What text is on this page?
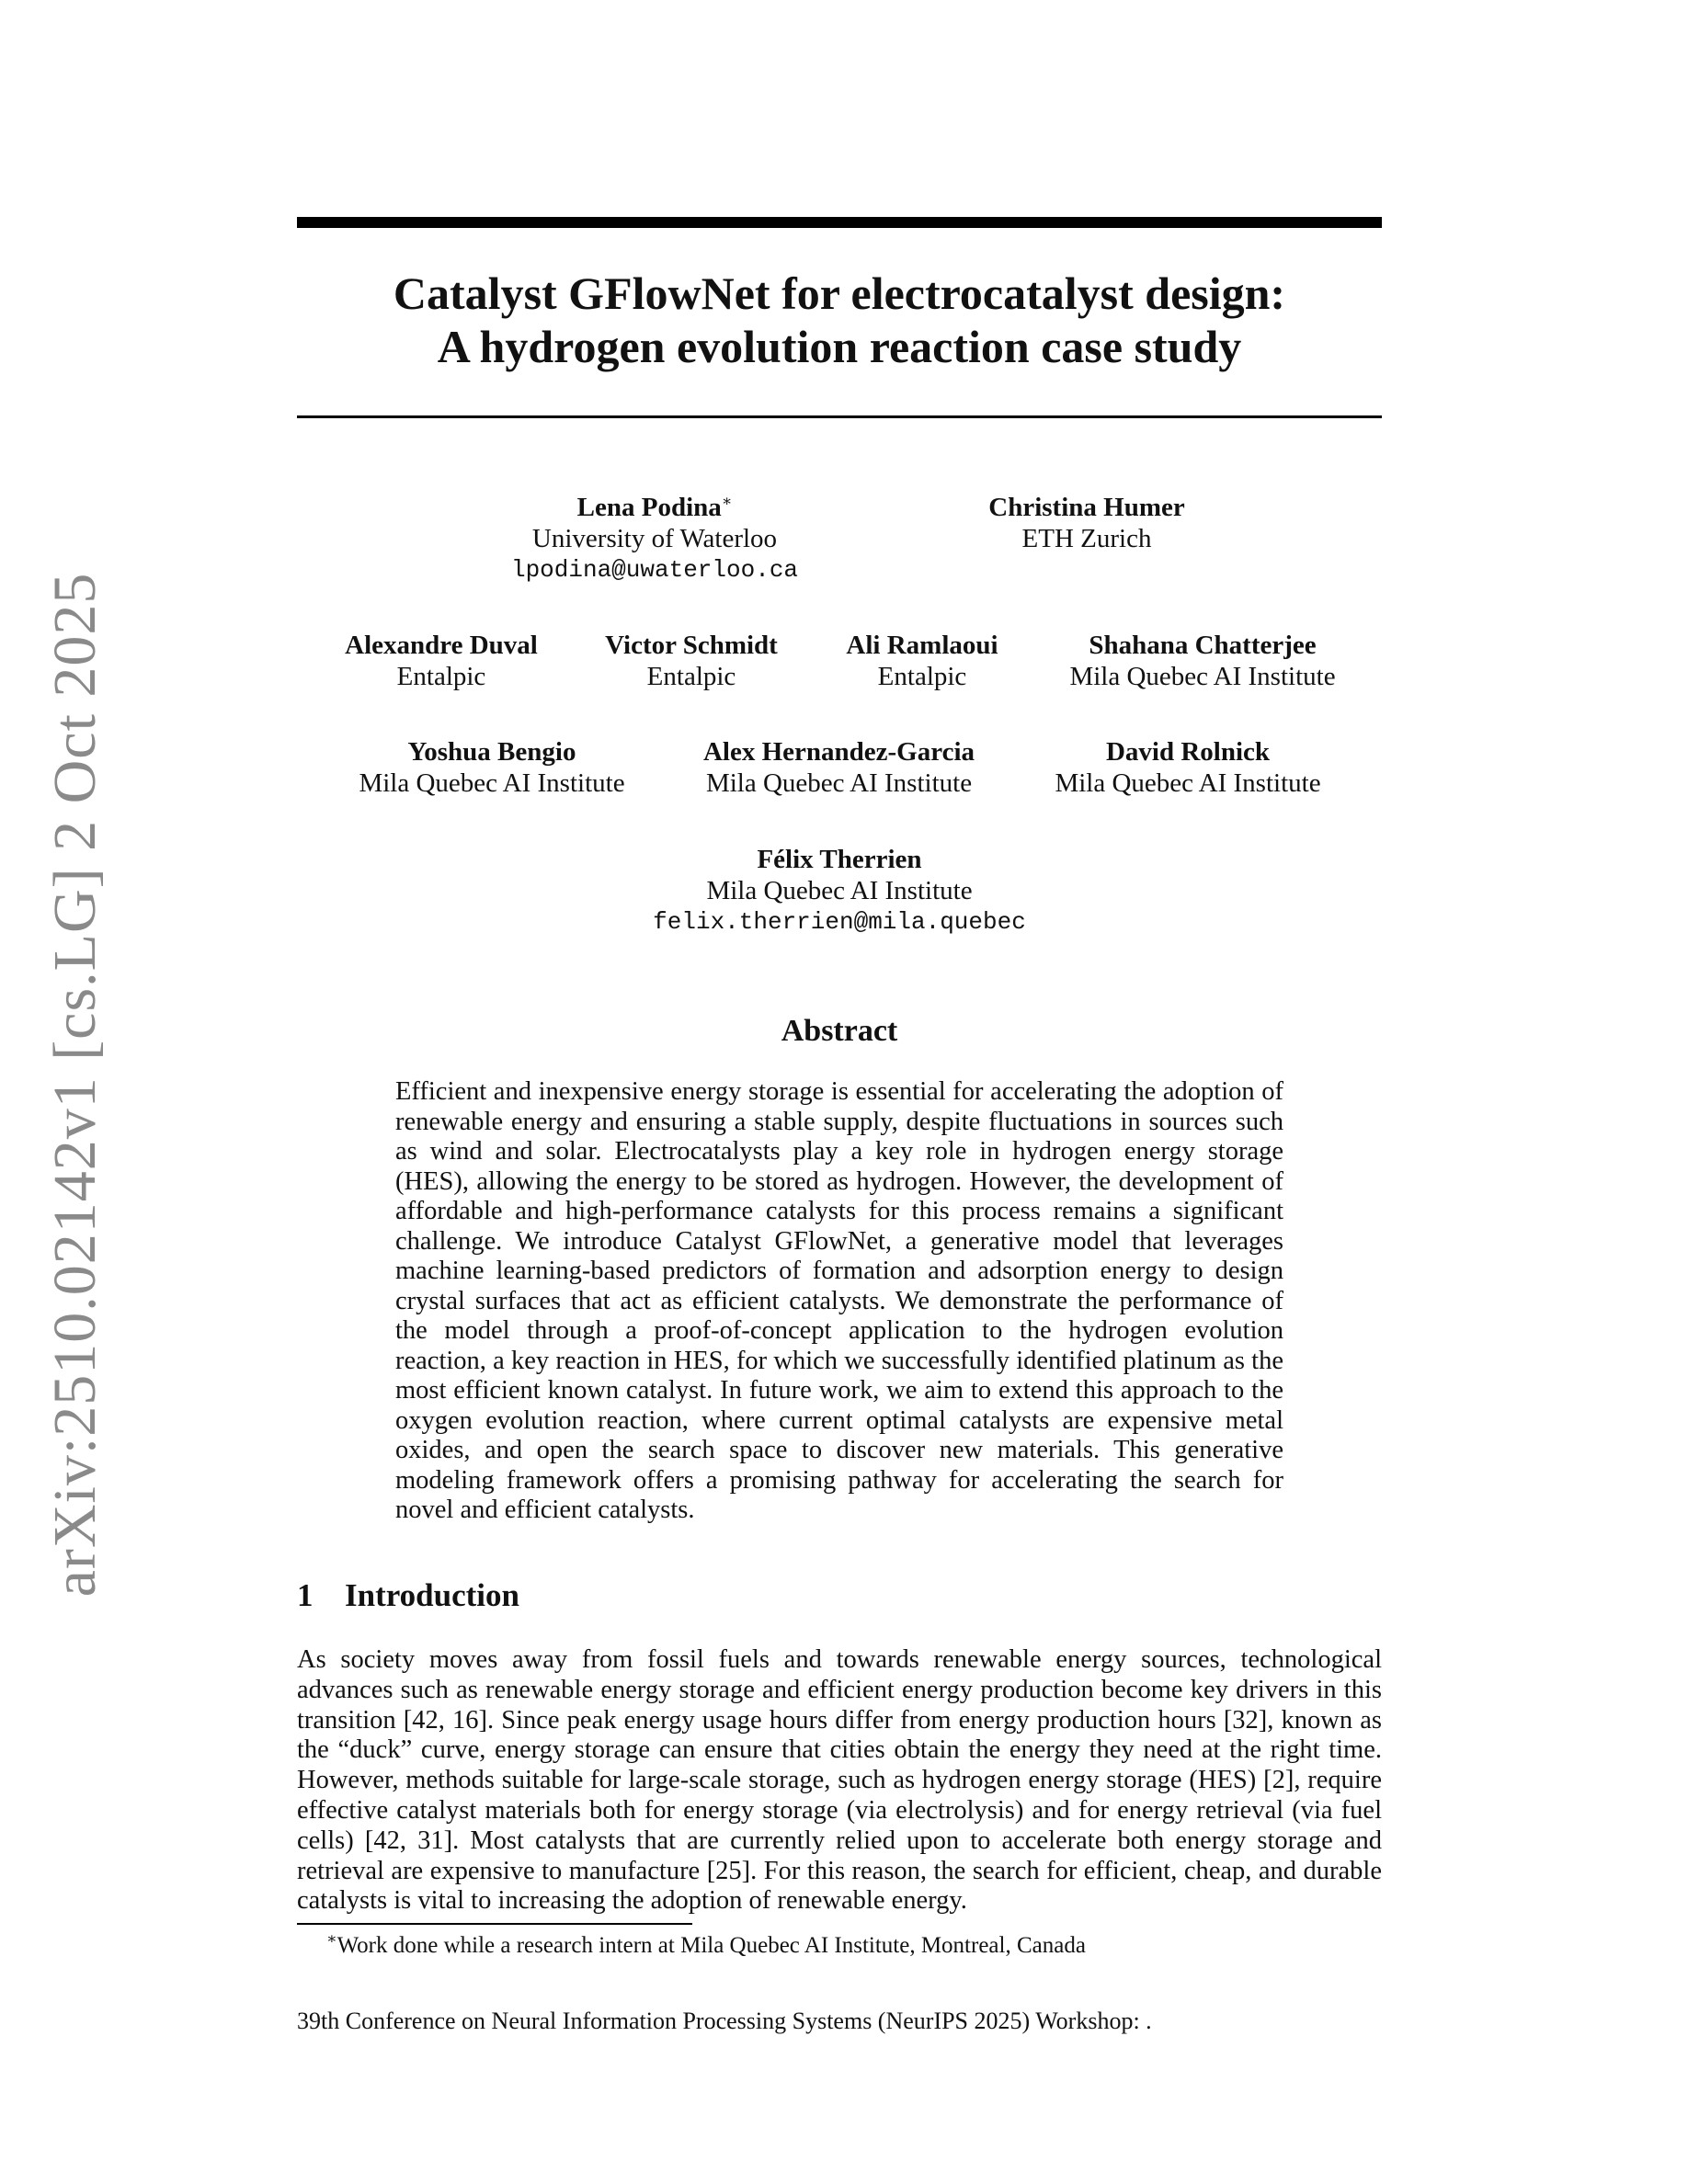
arXiv:2510.02142v1 [cs.LG] 2 Oct 2025
Catalyst GFlowNet for electrocatalyst design:
A hydrogen evolution reaction case study
Lena Podina∗
University of Waterloo
lpodina@uwaterloo.ca
Christina Humer
ETH Zurich
Alexandre Duval
Entalpic
Victor Schmidt
Entalpic
Ali Ramlaoui
Entalpic
Shahana Chatterjee
Mila Quebec AI Institute
Yoshua Bengio
Mila Quebec AI Institute
Alex Hernandez-Garcia
Mila Quebec AI Institute
David Rolnick
Mila Quebec AI Institute
Félix Therrien
Mila Quebec AI Institute
felix.therrien@mila.quebec
Abstract
Efficient and inexpensive energy storage is essential for accelerating the adoption of renewable energy and ensuring a stable supply, despite fluctuations in sources such as wind and solar. Electrocatalysts play a key role in hydrogen energy storage (HES), allowing the energy to be stored as hydrogen. However, the development of affordable and high-performance catalysts for this process remains a significant challenge. We introduce Catalyst GFlowNet, a generative model that leverages machine learning-based predictors of formation and adsorption energy to design crystal surfaces that act as efficient catalysts. We demonstrate the performance of the model through a proof-of-concept application to the hydrogen evolution reaction, a key reaction in HES, for which we successfully identified platinum as the most efficient known catalyst. In future work, we aim to extend this approach to the oxygen evolution reaction, where current optimal catalysts are expensive metal oxides, and open the search space to discover new materials. This generative modeling framework offers a promising pathway for accelerating the search for novel and efficient catalysts.
1 Introduction
As society moves away from fossil fuels and towards renewable energy sources, technological advances such as renewable energy storage and efficient energy production become key drivers in this transition [42, 16]. Since peak energy usage hours differ from energy production hours [32], known as the “duck” curve, energy storage can ensure that cities obtain the energy they need at the right time. However, methods suitable for large-scale storage, such as hydrogen energy storage (HES) [2], require effective catalyst materials both for energy storage (via electrolysis) and for energy retrieval (via fuel cells) [42, 31]. Most catalysts that are currently relied upon to accelerate both energy storage and retrieval are expensive to manufacture [25]. For this reason, the search for efficient, cheap, and durable catalysts is vital to increasing the adoption of renewable energy.
∗Work done while a research intern at Mila Quebec AI Institute, Montreal, Canada
39th Conference on Neural Information Processing Systems (NeurIPS 2025) Workshop: .
